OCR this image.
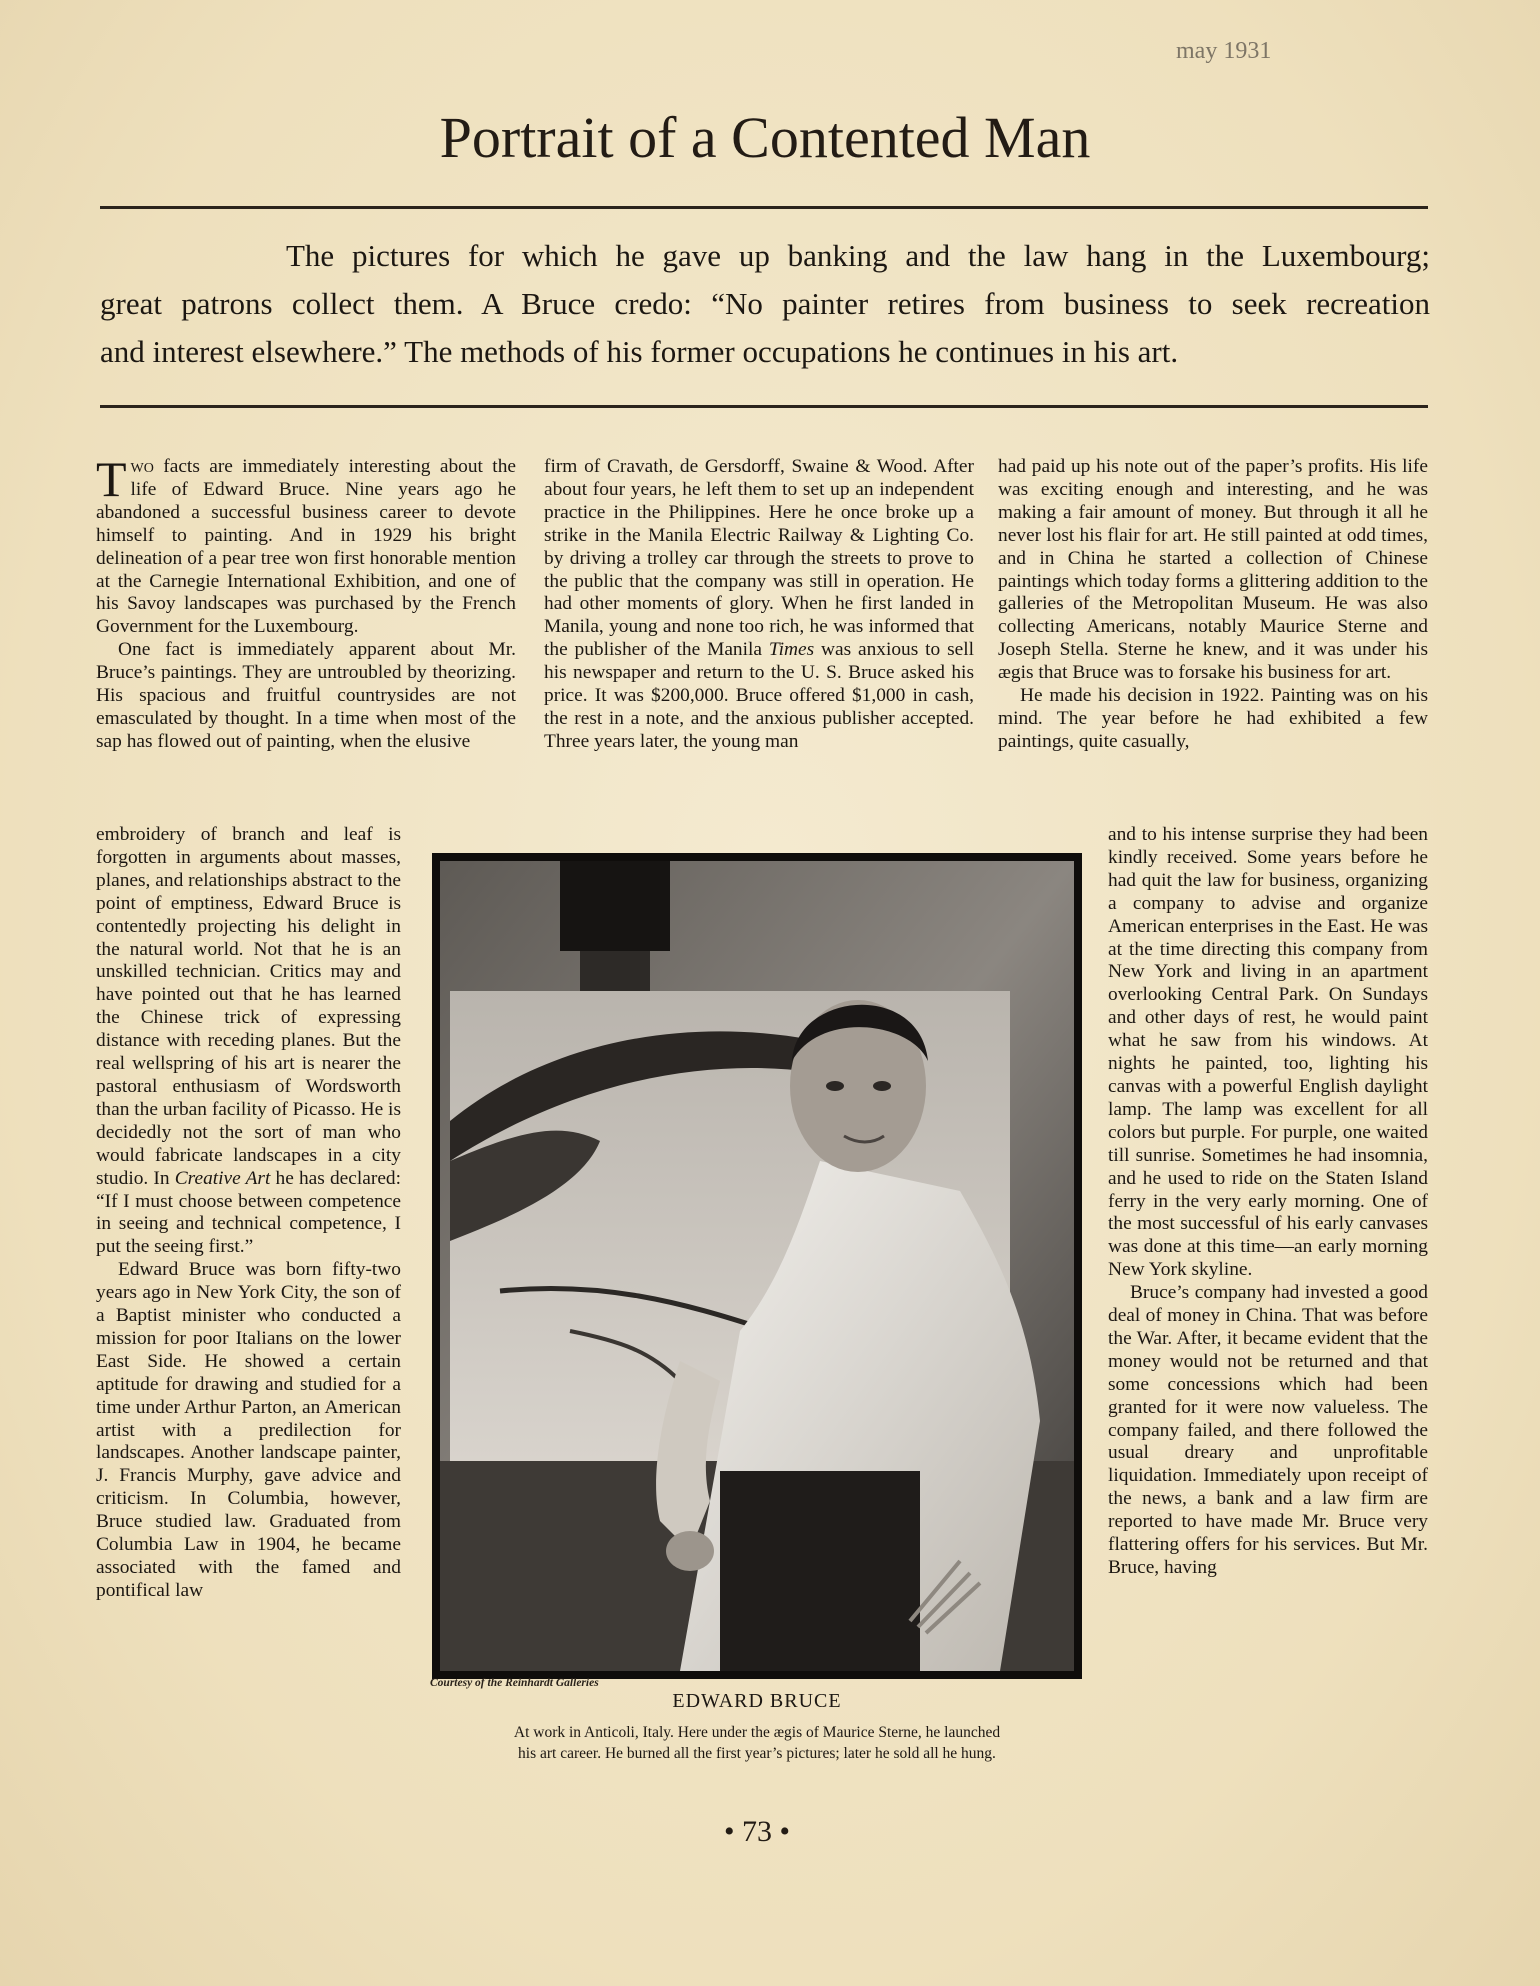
may 1931
Portrait of a Contented Man
The pictures for which he gave up banking and the law hang in the Luxembourg;
great patrons collect them. A Bruce credo: “No painter retires from business to seek recreation
and interest elsewhere.” The methods of his former occupations he continues in his art.

Two facts are immediately interesting about the life of Edward Bruce. Nine years ago he abandoned a successful business career to devote himself to painting. And in 1929 his bright delineation of a pear tree won first honorable mention at the Carnegie International Exhibition, and one of his Savoy landscapes was purchased by the French Government for the Luxembourg.

One fact is immediately apparent about Mr. Bruce’s paintings. They are untroubled by theorizing. His spacious and fruitful countrysides are not emasculated by thought. In a time when most of the sap has flowed out of painting, when the elusive

embroidery of branch and leaf is forgotten in arguments about masses, planes, and relationships abstract to the point of emptiness, Edward Bruce is contentedly projecting his delight in the natural world. Not that he is an unskilled technician. Critics may and have pointed out that he has learned the Chinese trick of expressing distance with receding planes. But the real wellspring of his art is nearer the pastoral enthusiasm of Wordsworth than the urban facility of Picasso. He is decidedly not the sort of man who would fabricate landscapes in a city studio. In Creative Art he has declared: “If I must choose between competence in seeing and technical competence, I put the seeing first.”

Edward Bruce was born fifty-two years ago in New York City, the son of a Baptist minister who conducted a mission for poor Italians on the lower East Side. He showed a certain aptitude for drawing and studied for a time under Arthur Parton, an American artist with a predilection for landscapes. Another landscape painter, J. Francis Murphy, gave advice and criticism. In Columbia, however, Bruce studied law. Graduated from Columbia Law in 1904, he became associated with the famed and pontifical law

firm of Cravath, de Gersdorff, Swaine & Wood. After about four years, he left them to set up an independent practice in the Philippines. Here he once broke up a strike in the Manila Electric Railway & Lighting Co. by driving a trolley car through the streets to prove to the public that the company was still in operation. He had other moments of glory. When he first landed in Manila, young and none too rich, he was informed that the publisher of the Manila Times was anxious to sell his newspaper and return to the U. S. Bruce asked his price. It was $200,000. Bruce offered $1,000 in cash, the rest in a note, and the anxious publisher accepted. Three years later, the young man

had paid up his note out of the paper’s profits. His life was exciting enough and interesting, and he was making a fair amount of money. But through it all he never lost his flair for art. He still painted at odd times, and in China he started a collection of Chinese paintings which today forms a glittering addition to the galleries of the Metropolitan Museum. He was also collecting Americans, notably Maurice Sterne and Joseph Stella. Sterne he knew, and it was under his ægis that Bruce was to forsake his business for art.

He made his decision in 1922. Painting was on his mind. The year before he had exhibited a few paintings, quite casually,

and to his intense surprise they had been kindly received. Some years before he had quit the law for business, organizing a company to advise and organize American enterprises in the East. He was at the time directing this company from New York and living in an apartment overlooking Central Park. On Sundays and other days of rest, he would paint what he saw from his windows. At nights he painted, too, lighting his canvas with a powerful English daylight lamp. The lamp was excellent for all colors but purple. For purple, one waited till sunrise. Sometimes he had insomnia, and he used to ride on the Staten Island ferry in the very early morning. One of the most successful of his early canvases was done at this time—an early morning New York skyline.

Bruce’s company had invested a good deal of money in China. That was before the War. After, it became evident that the money would not be returned and that some concessions which had been granted for it were now valueless. The company failed, and there followed the usual dreary and unprofitable liquidation. Immediately upon receipt of the news, a bank and a law firm are reported to have made Mr. Bruce very flattering offers for his services. But Mr. Bruce, having

Courtesy of the Reinhardt Galleries
EDWARD BRUCE
At work in Anticoli, Italy. Here under the ægis of Maurice Sterne, he launched
his art career. He burned all the first year’s pictures; later he sold all he hung.
• 73 •
